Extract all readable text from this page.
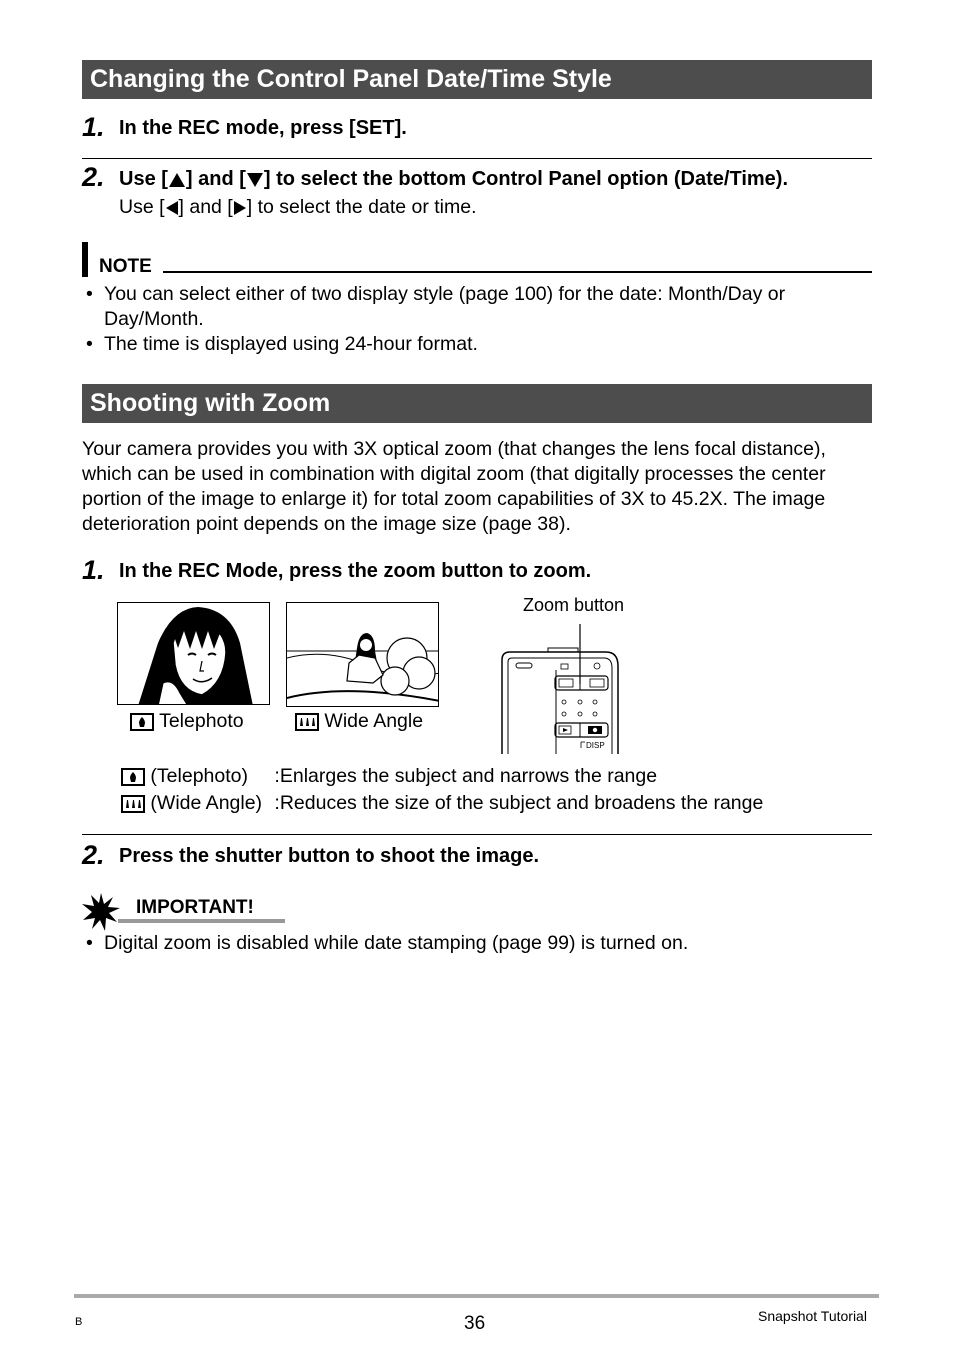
Changing the Control Panel Date/Time Style
1. In the REC mode, press [SET].
2. Use [ ] and [ ] to select the bottom Control Panel option (Date/Time).
Use [ ] and [ ] to select the date or time.
NOTE
• You can select either of two display style (page 100) for the date: Month/Day or Day/Month.
• The time is displayed using 24-hour format.
Shooting with Zoom
Your camera provides you with 3X optical zoom (that changes the lens focal distance), which can be used in combination with digital zoom (that digitally processes the center portion of the image to enlarge it) for total zoom capabilities of 3X to 45.2X. The image deterioration point depends on the image size (page 38).
1. In the REC Mode, press the zoom button to zoom.
Telephoto	Wide Angle
Zoom button
DISP
(Telephoto) :Enlarges the subject and narrows the range
(Wide Angle) :Reduces the size of the subject and broadens the range
2. Press the shutter button to shoot the image.
IMPORTANT!
• Digital zoom is disabled while date stamping (page 99) is turned on.
B	36	Snapshot Tutorial
